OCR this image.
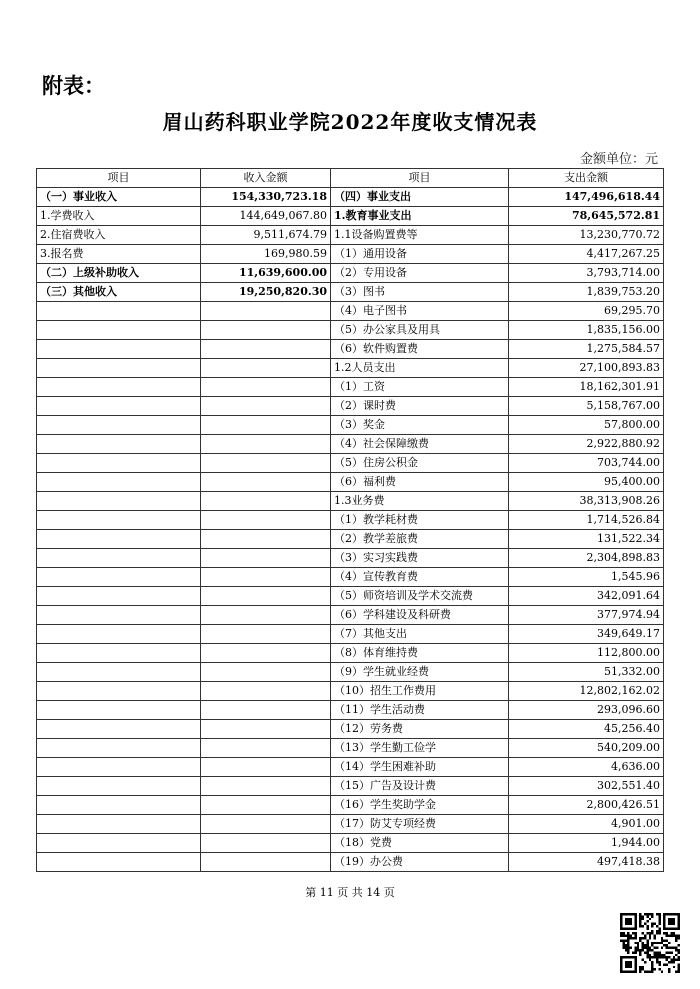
附表：
眉山药科职业学院2022年度收支情况表
金额单位：元
项目	收入金额	项目	支出金额
（一）事业收入	154,330,723.18	（四）事业支出	147,496,618.44
1.学费收入	144,649,067.80	1.教育事业支出	78,645,572.81
2.住宿费收入	9,511,674.79	1.1设备购置费等	13,230,770.72
3.报名费	169,980.59	（1）通用设备	4,417,267.25
（二）上级补助收入	11,639,600.00	（2）专用设备	3,793,714.00
（三）其他收入	19,250,820.30	（3）图书	1,839,753.20
		（4）电子图书	69,295.70
		（5）办公家具及用具	1,835,156.00
		（6）软件购置费	1,275,584.57
		1.2人员支出	27,100,893.83
		（1）工资	18,162,301.91
		（2）课时费	5,158,767.00
		（3）奖金	57,800.00
		（4）社会保障缴费	2,922,880.92
		（5）住房公积金	703,744.00
		（6）福利费	95,400.00
		1.3业务费	38,313,908.26
		（1）教学耗材费	1,714,526.84
		（2）教学差旅费	131,522.34
		（3）实习实践费	2,304,898.83
		（4）宣传教育费	1,545.96
		（5）师资培训及学术交流费	342,091.64
		（6）学科建设及科研费	377,974.94
		（7）其他支出	349,649.17
		（8）体育维持费	112,800.00
		（9）学生就业经费	51,332.00
		（10）招生工作费用	12,802,162.02
		（11）学生活动费	293,096.60
		（12）劳务费	45,256.40
		（13）学生勤工俭学	540,209.00
		（14）学生困难补助	4,636.00
		（15）广告及设计费	302,551.40
		（16）学生奖助学金	2,800,426.51
		（17）防艾专项经费	4,901.00
		（18）党费	1,944.00
		（19）办公费	497,418.38
第 11 页 共 14 页
